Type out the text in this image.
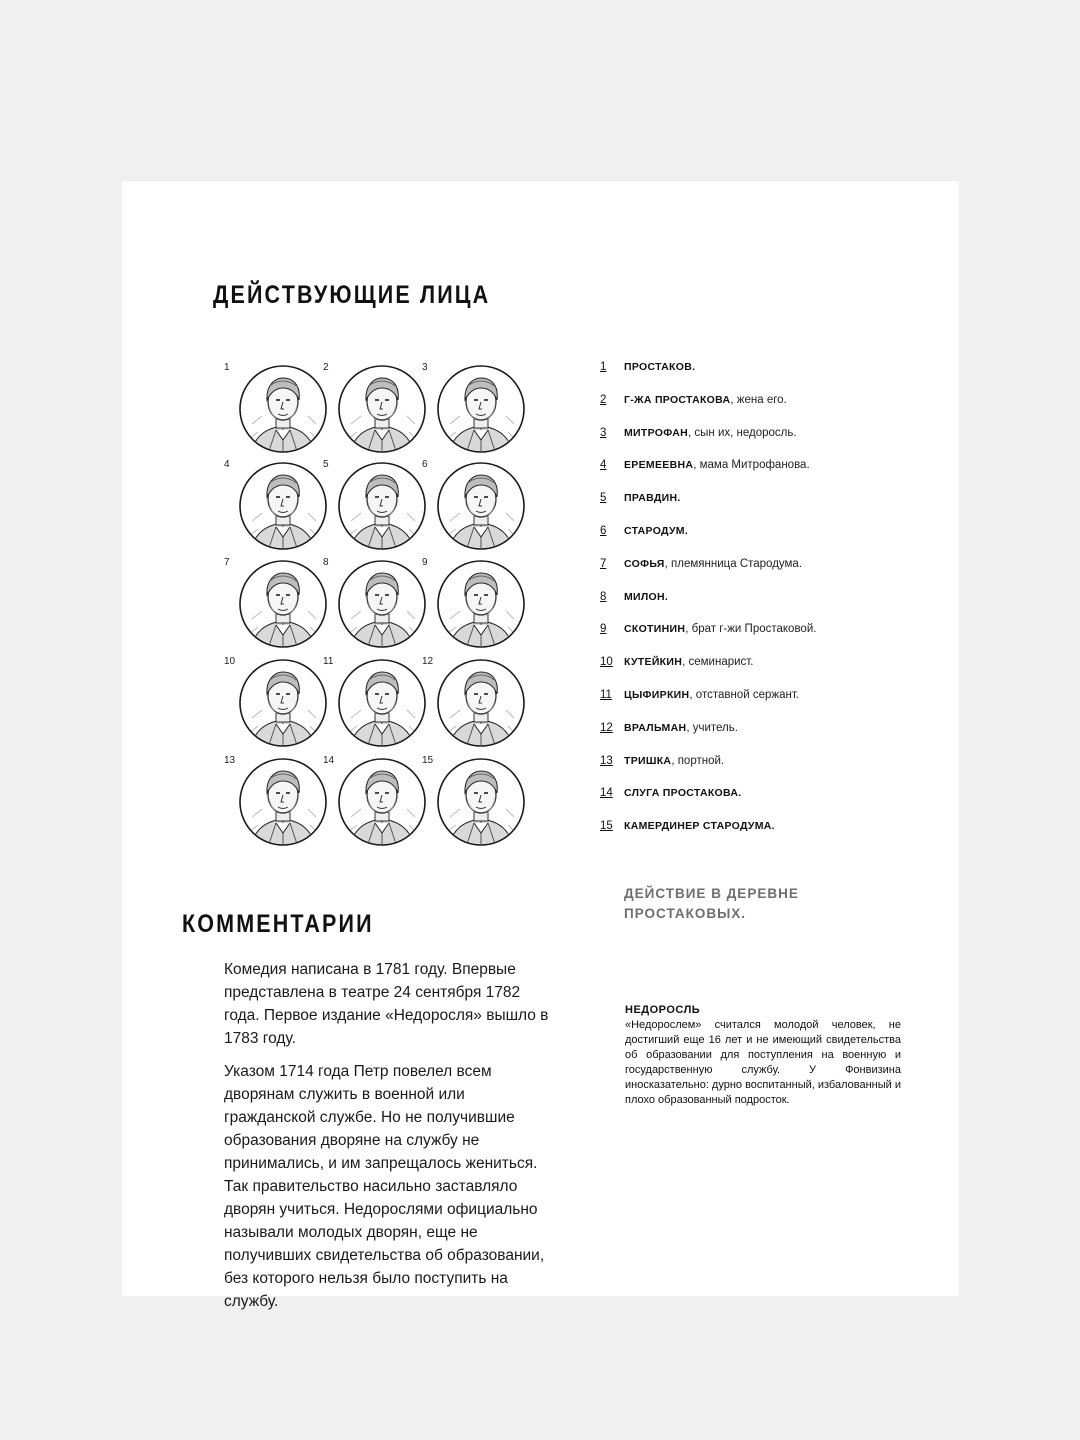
ДЕЙСТВУЮЩИЕ ЛИЦА
1	2	3
4	5	6
7	8	9
10	11	12
13	14	15
1	ПРОСТАКОВ.
2	Г-ЖА ПРОСТАКОВА , жена его.
3	МИТРОФАН , сын их, недоросль.
4	ЕРЕМЕЕВНА , мама Митрофанова.
5	ПРАВДИН.
6	СТАРОДУМ.
7	СОФЬЯ , племянница Стародума.
8	МИЛОН.
9	СКОТИНИН , брат г-жи Простаковой.
10	КУТЕЙКИН , семинарист.
11	ЦЫФИРКИН , отставной сержант.
12	ВРАЛЬМАН , учитель.
13	ТРИШКА , портной.
14	СЛУГА ПРОСТАКОВА.
15	КАМЕРДИНЕР СТАРОДУМА.

ДЕЙСТВИЕ В ДЕРЕВНЕ ПРОСТАКОВЫХ.

КОММЕНТАРИИ

Комедия написана в 1781 году. Впервые представлена в театре 24 сентября 1782 года. Первое издание «Недоросля» вышло в 1783 году.

Указом 1714 года Петр повелел всем дворянам служить в военной или гражданской службе. Но не получившие образования дворяне на службу не принимались, и им запрещалось жениться. Так правительство насильно заставляло дворян учиться. Недорослями официально называли молодых дворян, еще не получивших свидетельства об образовании, без которого нельзя было поступить на службу.

НЕДОРОСЛЬ
«Недорослем» считался молодой человек, не достигший еще 16 лет и не имеющий свидетельства об образовании для поступления на военную и государственную службу. У Фонвизина иносказательно: дурно воспитанный, избалованный и плохо образованный подросток.
